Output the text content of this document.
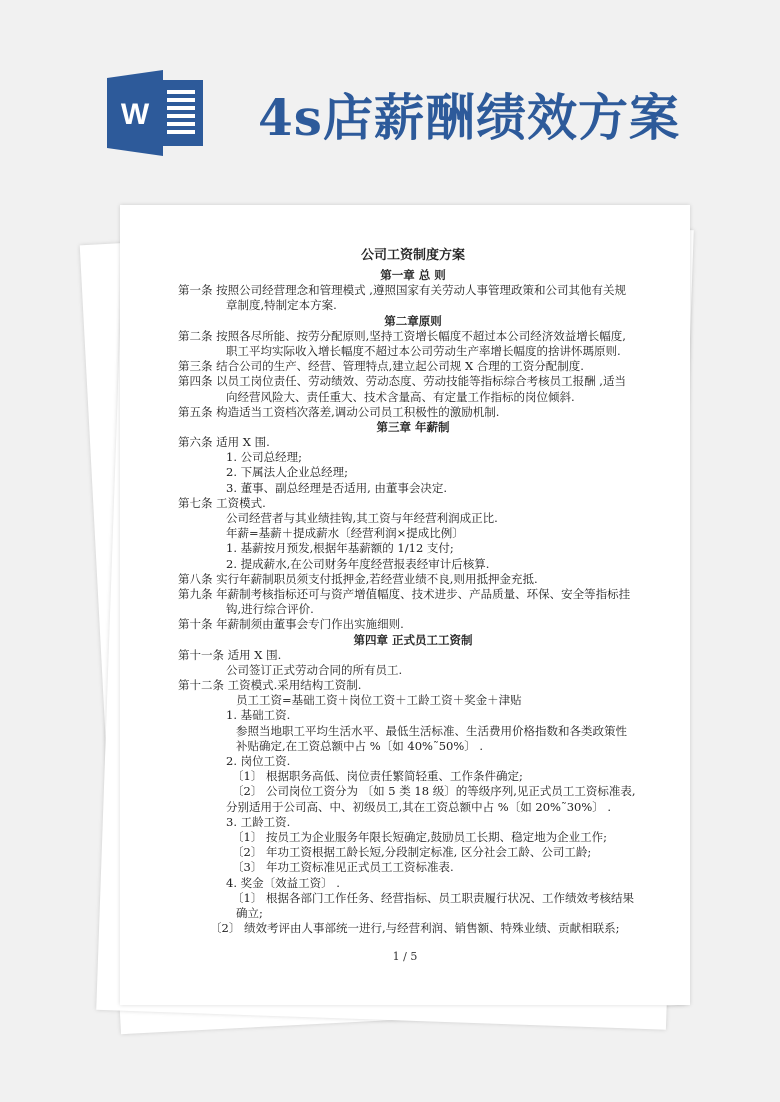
W 4s店薪酬绩效方案
公司工资制度方案
第一章 总 则
第一条 按照公司经营理念和管理模式 ,遵照国家有关劳动人事管理政策和公司其他有关规
章制度,特制定本方案.
第二章原则
第二条 按照各尽所能、按劳分配原则,坚持工资增长幅度不超过本公司经济效益增长幅度,
职工平均实际收入增长幅度不超过本公司劳动生产率增长幅度的捨讲怀瑪原则.
第三条 结合公司的生产、经营、管理特点,建立起公司规 X 合理的工资分配制度.
第四条 以员工岗位责任、劳动绩效、劳动态度、劳动技能等指标综合考核员工报酬 ,适当
向经营风险大、责任重大、技术含量高、有定量工作指标的岗位倾斜.
第五条 构造适当工资档次落差,调动公司员工积极性的激励机制.
第三章 年薪制
第六条 适用 X 围.
1. 公司总经理;
2. 下属法人企业总经理;
3. 董事、副总经理是否适用, 由董事会决定.
第七条 工资模式.
公司经营者与其业绩挂钩,其工资与年经营利润成正比.
年薪=基薪＋提成薪水〔经营利润×提成比例〕
1. 基薪按月预发,根据年基薪额的 1/12 支付;
2. 提成薪水,在公司财务年度经营报表经审计后核算.
第八条 实行年薪制职员须支付抵押金,若经营业绩不良,则用抵押金充抵.
第九条 年薪制考核指标还可与资产增值幅度、技术进步、产品质量、环保、安全等指标挂
钩,进行综合评价.
第十条 年薪制须由董事会专门作出实施细则.
第四章 正式员工工资制
第十一条 适用 X 围.
公司签订正式劳动合同的所有员工.
第十二条 工资模式.采用结构工资制.
员工工资=基础工资＋岗位工资＋工龄工资＋奖金＋津贴
1. 基础工资.
参照当地职工平均生活水平、最低生活标准、生活费用价格指数和各类政策性
补贴确定,在工资总额中占 %〔如 40%˜50%〕 .
2. 岗位工资.
〔1〕 根据职务高低、岗位责任繁简轻重、工作条件确定;
〔2〕 公司岗位工资分为 〔如 5 类 18 级〕的等级序列,见正式员工工资标准表,
分别适用于公司高、中、初级员工,其在工资总额中占 %〔如 20%˜30%〕 .
3. 工龄工资.
〔1〕 按员工为企业服务年限长短确定,鼓励员工长期、稳定地为企业工作;
〔2〕 年功工资根据工龄长短,分段制定标准, 区分社会工龄、公司工龄;
〔3〕 年功工资标准见正式员工工资标准表.
4. 奖金〔效益工资〕 .
〔1〕 根据各部门工作任务、经营指标、员工职责履行状况、工作绩效考核结果
确立;
〔2〕 绩效考评由人事部统一进行,与经营利润、销售额、特殊业绩、贡献相联系;
1 / 5
